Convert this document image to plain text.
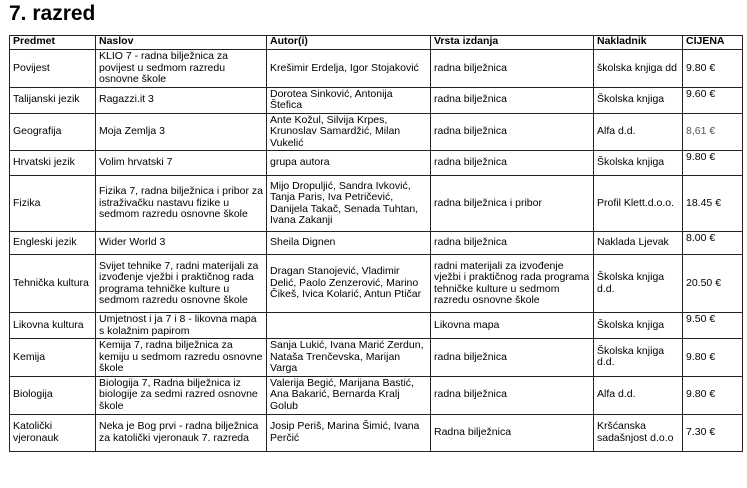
7. razred
Predmet	Naslov	Autor(i)	Vrsta izdanja	Nakladnik	CIJENA
Povijest	KLIO 7 - radna bilježnica za povijest u sedmom razredu osnovne škole	Krešimir Erdelja, Igor Stojaković	radna bilježnica	školska knjiga dd	9.80 €
Talijanski jezik	Ragazzi.it 3	Dorotea Sinković, Antonija Štefica	radna bilježnica	Školska knjiga	9.60 €
Geografija	Moja Zemlja 3	Ante Kožul, Silvija Krpes, Krunoslav Samardžić, Milan Vukelić	radna bilježnica	Alfa d.d.	8,61 €
Hrvatski jezik	Volim hrvatski 7	grupa autora	radna bilježnica	Školska knjiga	9.80 €
Fizika	Fizika 7, radna bilježnica i pribor za istraživačku nastavu fizike u sedmom razredu osnovne škole	Mijo Dropuljić, Sandra Ivković, Tanja Paris, Iva Petričević, Danijela Takač, Senada Tuhtan, Ivana Zakanji	radna bilježnica i pribor	Profil Klett.d.o.o.	18.45 €
Engleski jezik	Wider World 3	Sheila Dignen	radna bilježnica	Naklada Ljevak	8.00 €
Tehnička kultura	Svijet tehnike 7, radni materijali za izvođenje vježbi i praktičnog rada programa tehničke kulture u sedmom razredu osnovne škole	Dragan Stanojević, Vladimir Delić, Paolo Zenzerović, Marino Čikeš, Ivica Kolarić, Antun Ptičar	radni materijali za izvođenje vježbi i praktičnog rada programa tehničke kulture u sedmom razredu osnovne škole	Školska knjiga d.d.	20.50 €
Likovna kultura	Umjetnost i ja 7 i 8 - likovna mapa s kolažnim papirom		Likovna mapa	Školska knjiga	9.50 €
Kemija	Kemija 7, radna bilježnica za kemiju u sedmom razredu osnovne škole	Sanja Lukić, Ivana Marić Zerdun, Nataša Trenčevska, Marijan Varga	radna bilježnica	Školska knjiga d.d.	9.80 €
Biologija	Biologija 7, Radna bilježnica iz biologije za sedmi razred osnovne škole	Valerija Begić, Marijana Bastić, Ana Bakarić, Bernarda Kralj Golub	radna bilježnica	Alfa d.d.	9.80 €
Katolički vjeronauk	Neka je Bog prvi - radna bilježnica za katolički vjeronauk 7. razreda	Josip Periš, Marina Šimić, Ivana Perčić	Radna bilježnica	Kršćanska sadašnjost d.o.o	7.30 €
